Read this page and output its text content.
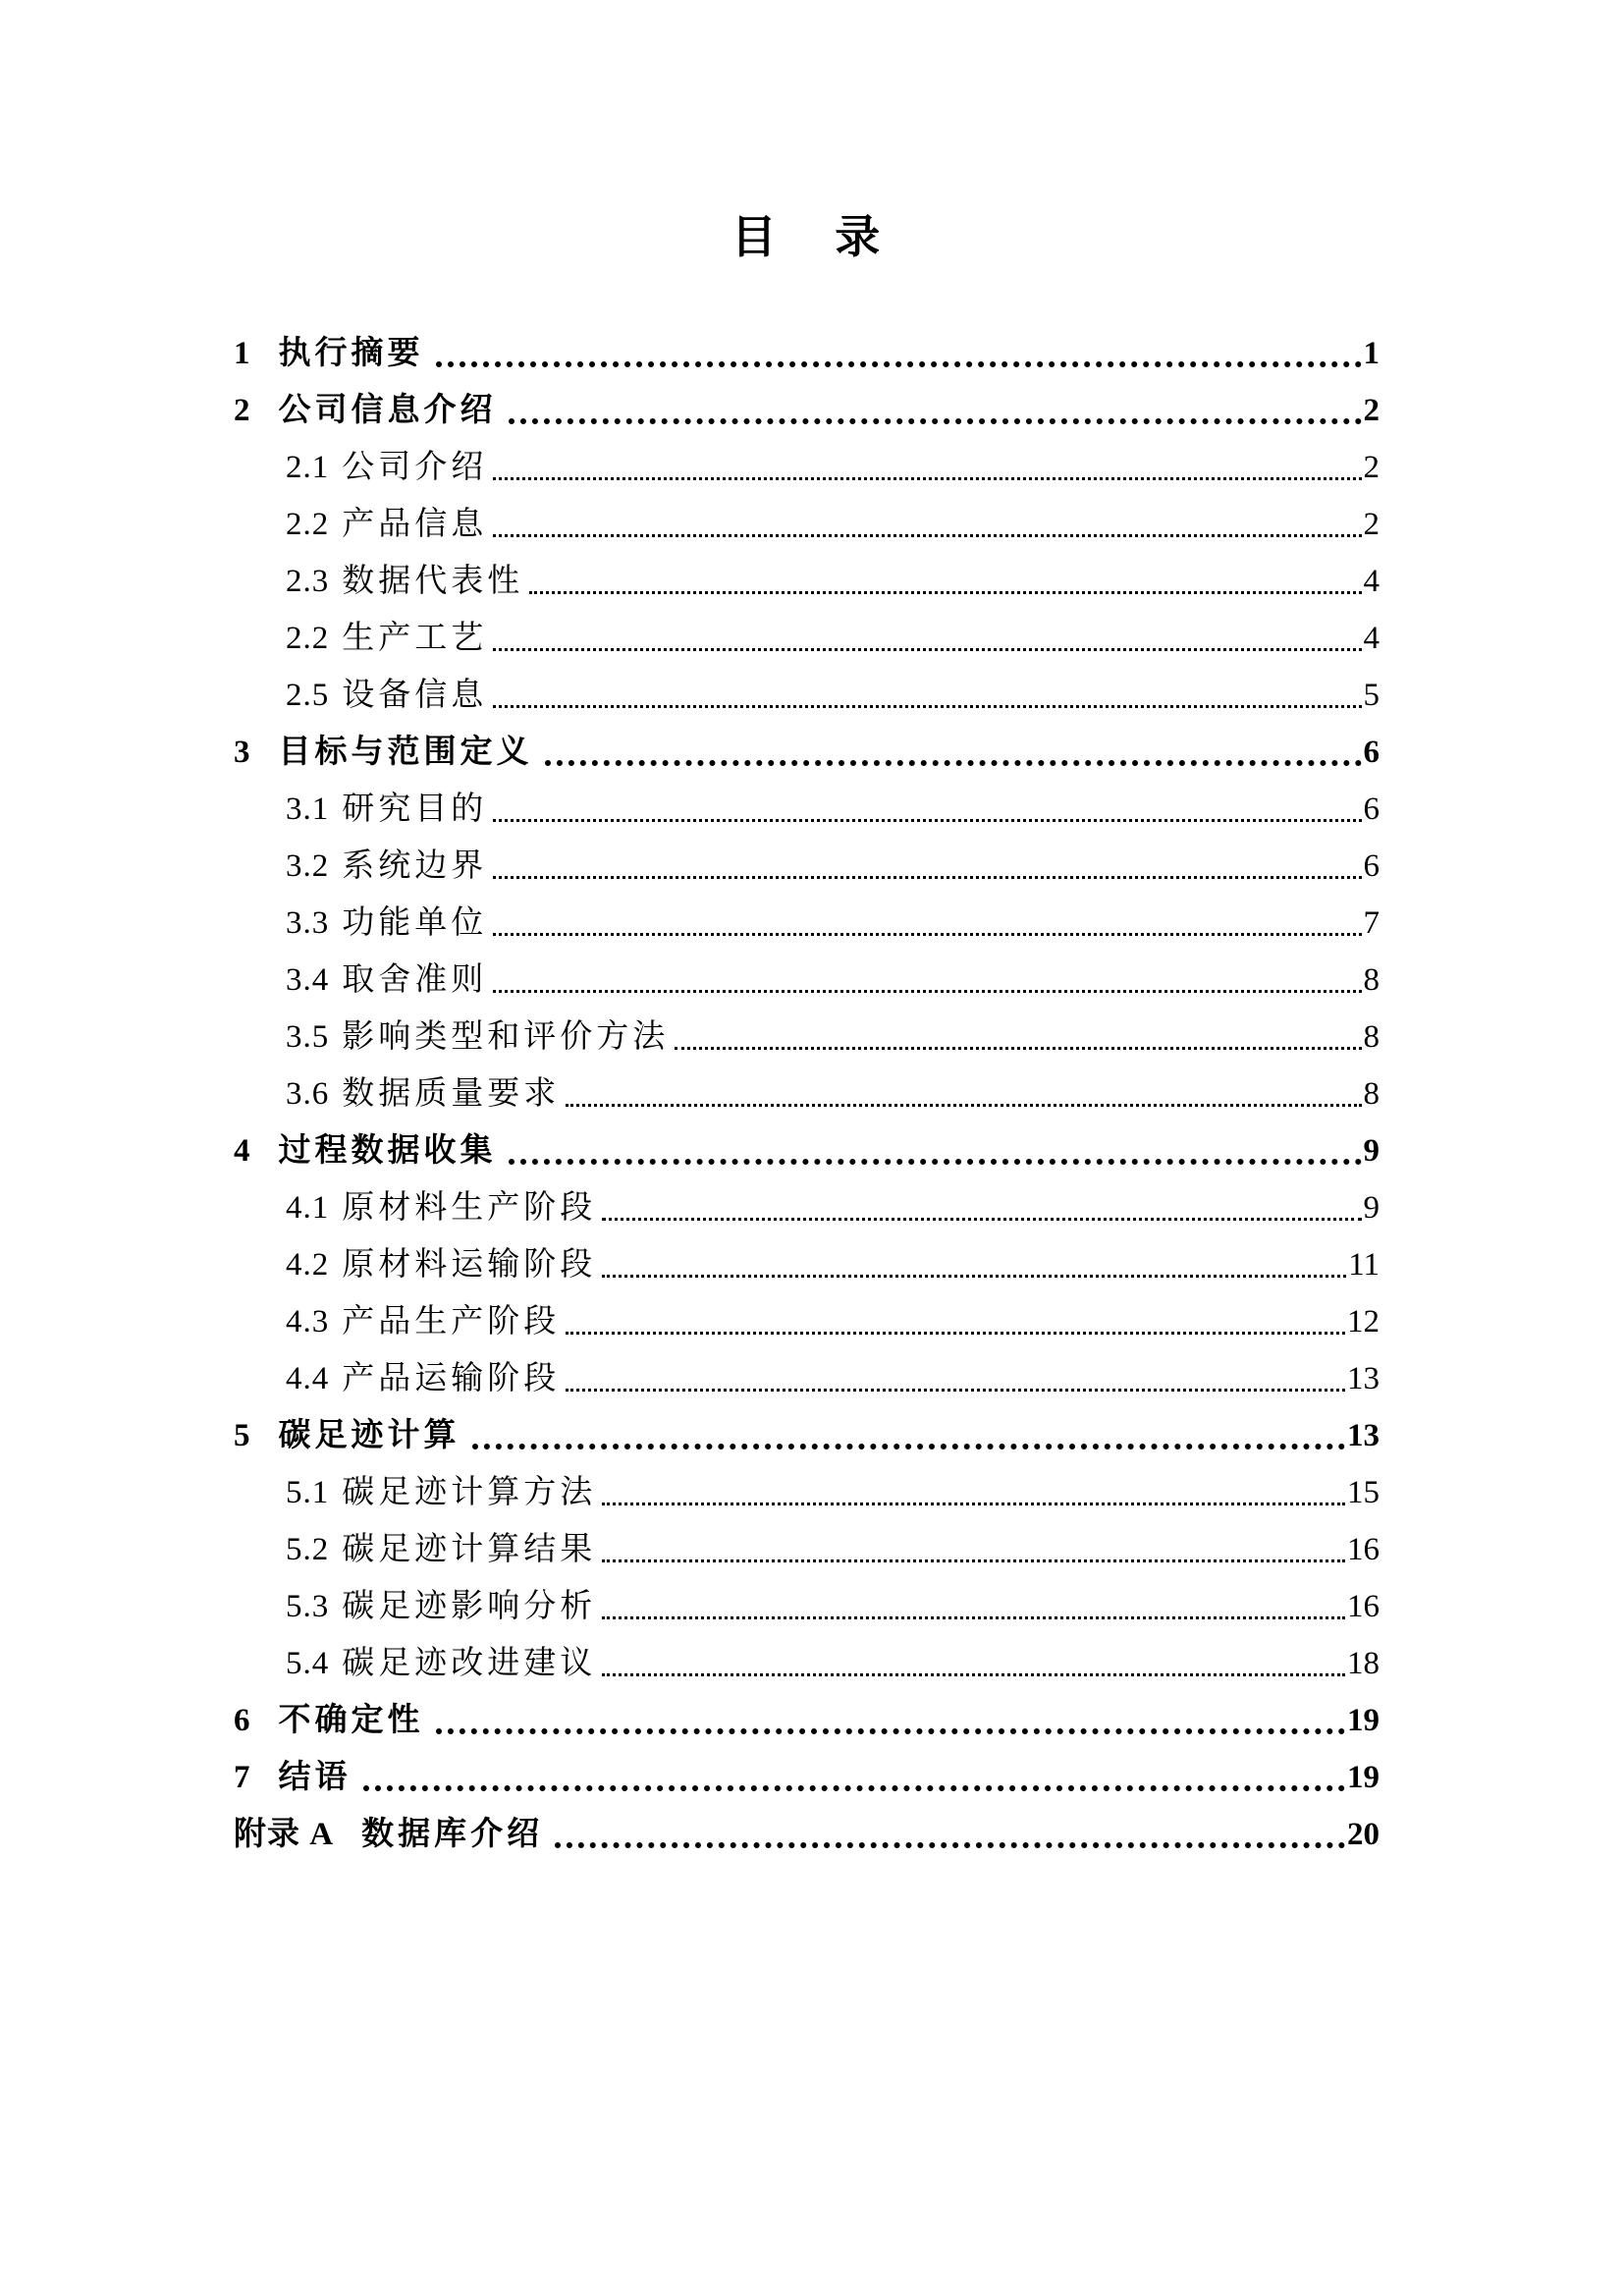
目 录
1 执行摘要	1
2 公司信息介绍	2
2.1 公司介绍	2
2.2 产品信息	2
2.3 数据代表性	4
2.2 生产工艺	4
2.5 设备信息	5
3 目标与范围定义	6
3.1 研究目的	6
3.2 系统边界	6
3.3 功能单位	7
3.4 取舍准则	8
3.5 影响类型和评价方法	8
3.6 数据质量要求	8
4 过程数据收集	9
4.1 原材料生产阶段	9
4.2 原材料运输阶段	11
4.3 产品生产阶段	12
4.4 产品运输阶段	13
5 碳足迹计算	13
5.1 碳足迹计算方法	15
5.2 碳足迹计算结果	16
5.3 碳足迹影响分析	16
5.4 碳足迹改进建议	18
6 不确定性	19
7 结语	19
附录 A 数据库介绍	20
